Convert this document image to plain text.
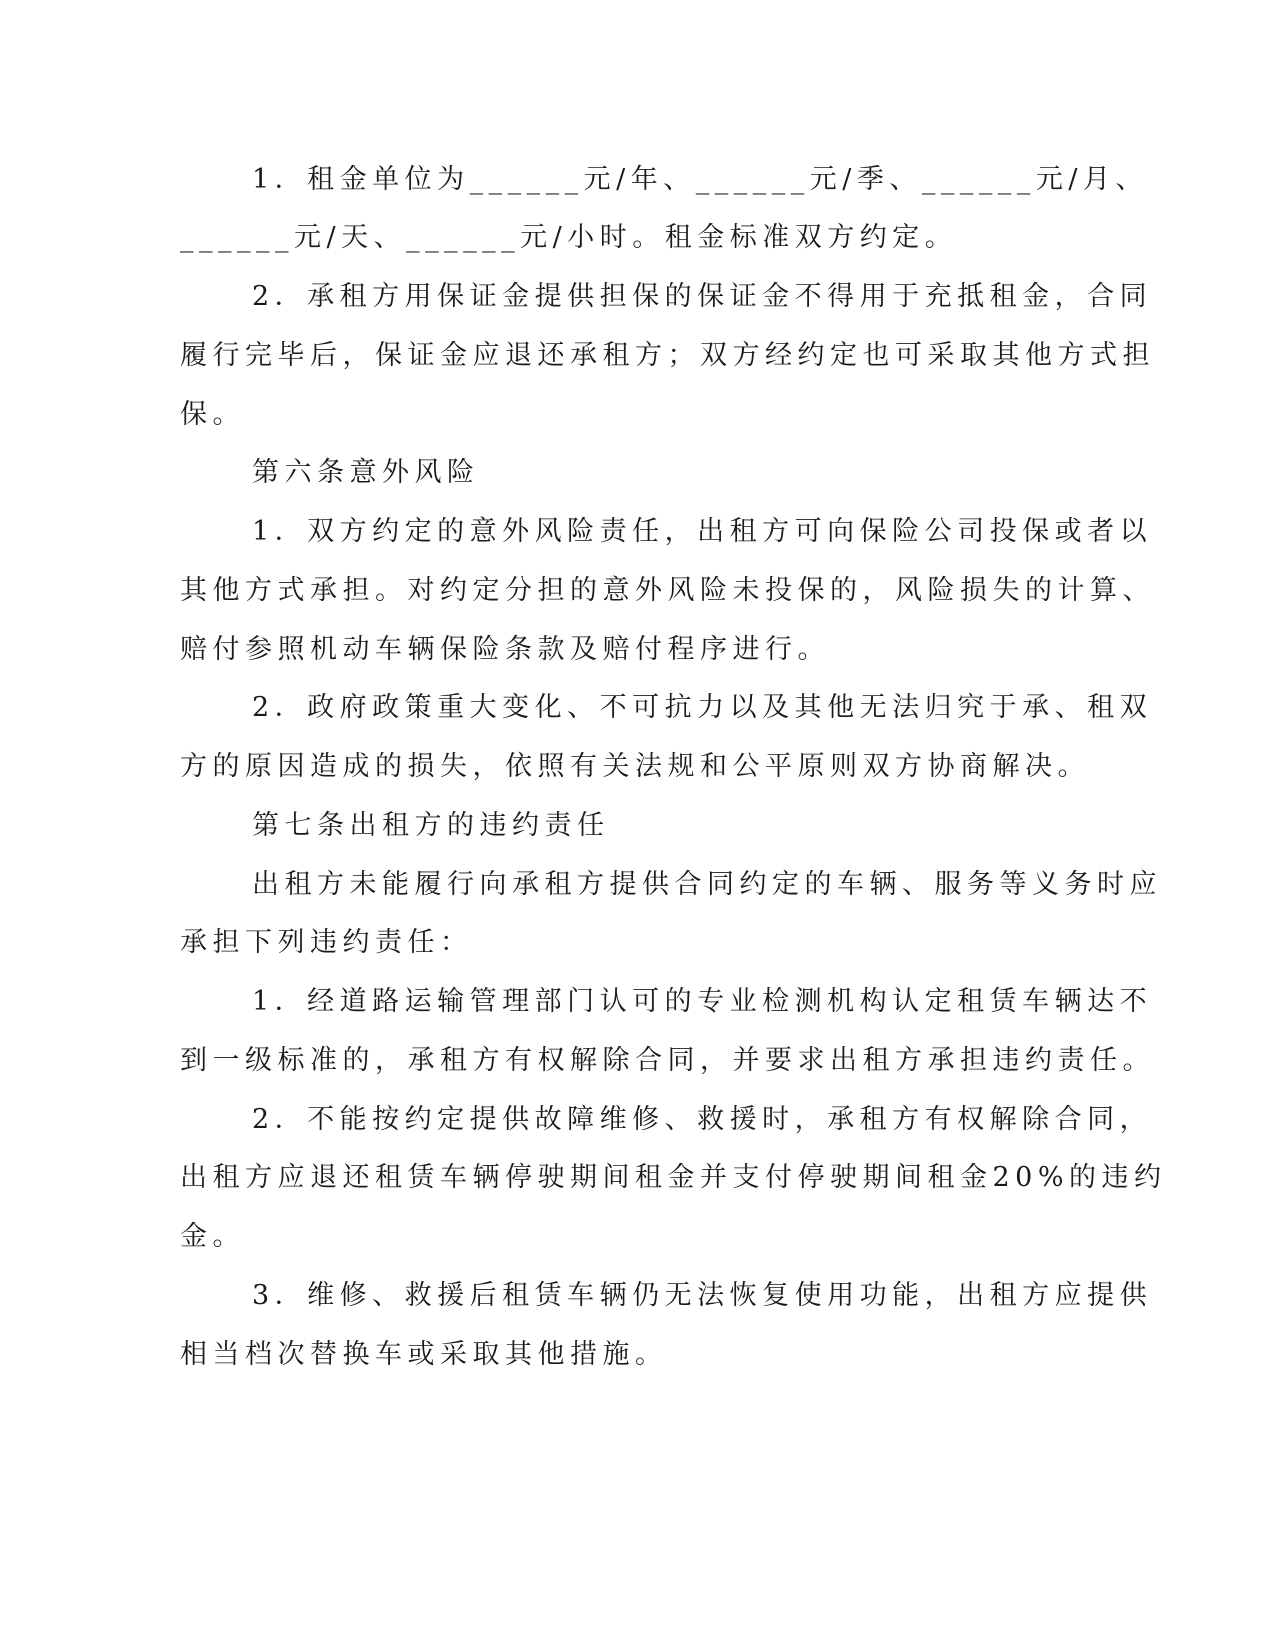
1．租金单位为______元/年、______元/季、______元/月、
______元/天、______元/小时。租金标准双方约定。
2．承租方用保证金提供担保的保证金不得用于充抵租金，合同
履行完毕后，保证金应退还承租方；双方经约定也可采取其他方式担
保。
第六条意外风险
1．双方约定的意外风险责任，出租方可向保险公司投保或者以
其他方式承担。对约定分担的意外风险未投保的，风险损失的计算、
赔付参照机动车辆保险条款及赔付程序进行。
2．政府政策重大变化、不可抗力以及其他无法归究于承、租双
方的原因造成的损失，依照有关法规和公平原则双方协商解决。
第七条出租方的违约责任
出租方未能履行向承租方提供合同约定的车辆、服务等义务时应
承担下列违约责任：
1．经道路运输管理部门认可的专业检测机构认定租赁车辆达不
到一级标准的，承租方有权解除合同，并要求出租方承担违约责任。
2．不能按约定提供故障维修、救援时，承租方有权解除合同，
出租方应退还租赁车辆停驶期间租金并支付停驶期间租金20%的违约
金。
3．维修、救援后租赁车辆仍无法恢复使用功能，出租方应提供
相当档次替换车或采取其他措施。
